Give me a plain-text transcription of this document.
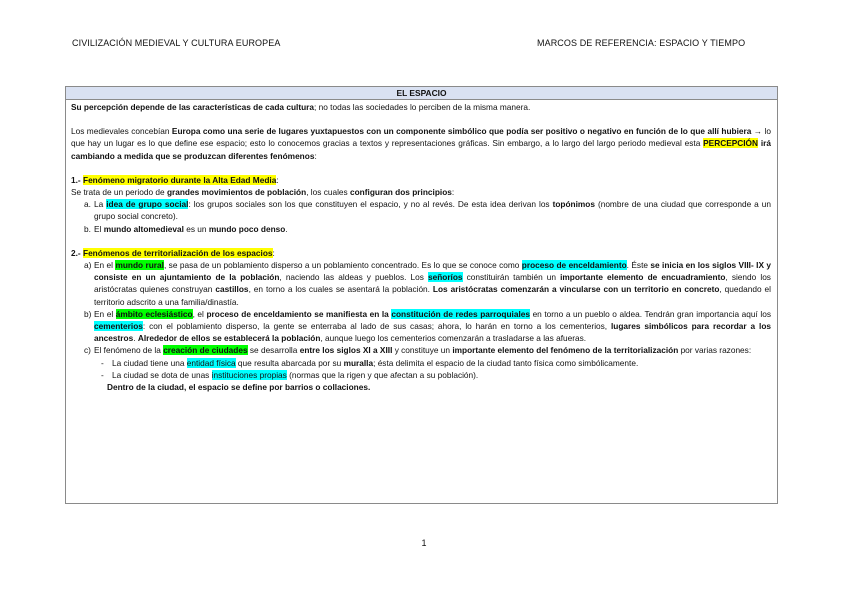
CIVILIZACIÓN MEDIEVAL Y CULTURA EUROPEA	MARCOS DE REFERENCIA: ESPACIO Y TIEMPO
EL ESPACIO

Su percepción depende de las características de cada cultura; no todas las sociedades lo perciben de la misma manera.

Los medievales concebían Europa como una serie de lugares yuxtapuestos con un componente simbólico que podía ser positivo o negativo en función de lo que allí hubiera → lo que hay un lugar es lo que define ese espacio; esto lo conocemos gracias a textos y representaciones gráficas. Sin embargo, a lo largo del largo periodo medieval esta PERCEPCIÓN irá cambiando a medida que se produzcan diferentes fenómenos:

1.- Fenómeno migratorio durante la Alta Edad Media:

Se trata de un periodo de grandes movimientos de población, los cuales configuran dos principios:

a. La idea de grupo social: los grupos sociales son los que constituyen el espacio, y no al revés. De esta idea derivan los topónimos (nombre de una ciudad que corresponde a un grupo social concreto).
b. El mundo altomedieval es un mundo poco denso.

2.- Fenómenos de territorialización de los espacios:

a) En el mundo rural, se pasa de un poblamiento disperso a un poblamiento concentrado. Es lo que se conoce como proceso de enceldamiento. Éste se inicia en los siglos VIII- IX y consiste en un ajuntamiento de la población, naciendo las aldeas y pueblos. Los señoríos constituirán también un importante elemento de encuadramiento, siendo los aristócratas quienes construyan castillos, en torno a los cuales se asentará la población. Los aristócratas comenzarán a vincularse con un territorio en concreto, quedando el territorio adscrito a una familia/dinastía.
b) En el ámbito eclesiástico, el proceso de enceldamiento se manifiesta en la constitución de redes parroquiales en torno a un pueblo o aldea. Tendrán gran importancia aquí los cementerios: con el poblamiento disperso, la gente se enterraba al lado de sus casas; ahora, lo harán en torno a los cementerios, lugares simbólicos para recordar a los ancestros. Alrededor de ellos se establecerá la población, aunque luego los cementerios comenzarán a trasladarse a las afueras.
c) El fenómeno de la creación de ciudades se desarrolla entre los siglos XI a XIII y constituye un importante elemento del fenómeno de la territorialización por varias razones:
- La ciudad tiene una entidad física que resulta abarcada por su muralla; ésta delimita el espacio de la ciudad tanto física como simbólicamente.
- La ciudad se dota de unas instituciones propias (normas que la rigen y que afectan a su población).

Dentro de la ciudad, el espacio se define por barrios o collaciones.

1
